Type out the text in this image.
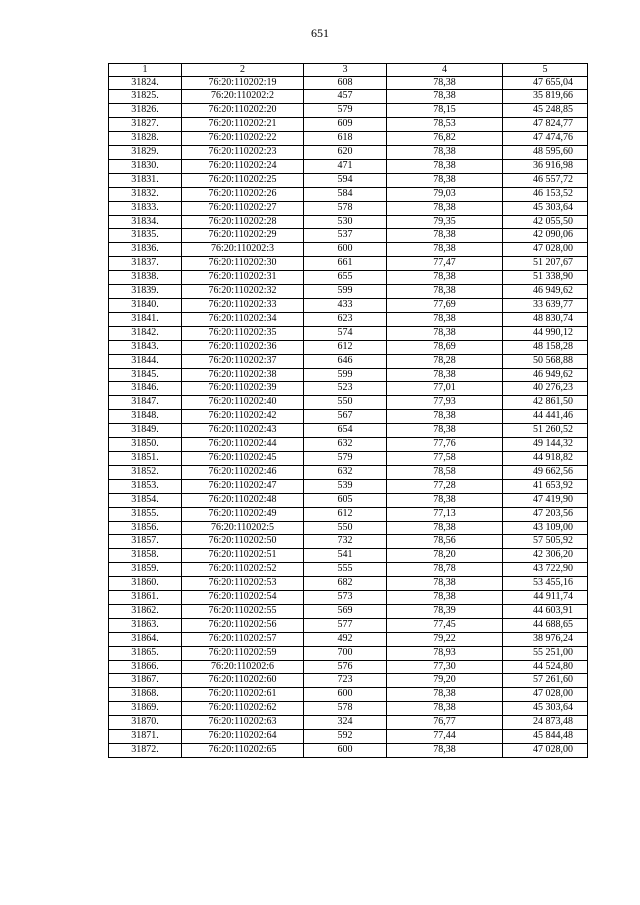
651
1	2	3	4	5
31824.	76:20:110202:19	608	78,38	47 655,04
31825.	76:20:110202:2	457	78,38	35 819,66
31826.	76:20:110202:20	579	78,15	45 248,85
31827.	76:20:110202:21	609	78,53	47 824,77
31828.	76:20:110202:22	618	76,82	47 474,76
31829.	76:20:110202:23	620	78,38	48 595,60
31830.	76:20:110202:24	471	78,38	36 916,98
31831.	76:20:110202:25	594	78,38	46 557,72
31832.	76:20:110202:26	584	79,03	46 153,52
31833.	76:20:110202:27	578	78,38	45 303,64
31834.	76:20:110202:28	530	79,35	42 055,50
31835.	76:20:110202:29	537	78,38	42 090,06
31836.	76:20:110202:3	600	78,38	47 028,00
31837.	76:20:110202:30	661	77,47	51 207,67
31838.	76:20:110202:31	655	78,38	51 338,90
31839.	76:20:110202:32	599	78,38	46 949,62
31840.	76:20:110202:33	433	77,69	33 639,77
31841.	76:20:110202:34	623	78,38	48 830,74
31842.	76:20:110202:35	574	78,38	44 990,12
31843.	76:20:110202:36	612	78,69	48 158,28
31844.	76:20:110202:37	646	78,28	50 568,88
31845.	76:20:110202:38	599	78,38	46 949,62
31846.	76:20:110202:39	523	77,01	40 276,23
31847.	76:20:110202:40	550	77,93	42 861,50
31848.	76:20:110202:42	567	78,38	44 441,46
31849.	76:20:110202:43	654	78,38	51 260,52
31850.	76:20:110202:44	632	77,76	49 144,32
31851.	76:20:110202:45	579	77,58	44 918,82
31852.	76:20:110202:46	632	78,58	49 662,56
31853.	76:20:110202:47	539	77,28	41 653,92
31854.	76:20:110202:48	605	78,38	47 419,90
31855.	76:20:110202:49	612	77,13	47 203,56
31856.	76:20:110202:5	550	78,38	43 109,00
31857.	76:20:110202:50	732	78,56	57 505,92
31858.	76:20:110202:51	541	78,20	42 306,20
31859.	76:20:110202:52	555	78,78	43 722,90
31860.	76:20:110202:53	682	78,38	53 455,16
31861.	76:20:110202:54	573	78,38	44 911,74
31862.	76:20:110202:55	569	78,39	44 603,91
31863.	76:20:110202:56	577	77,45	44 688,65
31864.	76:20:110202:57	492	79,22	38 976,24
31865.	76:20:110202:59	700	78,93	55 251,00
31866.	76:20:110202:6	576	77,30	44 524,80
31867.	76:20:110202:60	723	79,20	57 261,60
31868.	76:20:110202:61	600	78,38	47 028,00
31869.	76:20:110202:62	578	78,38	45 303,64
31870.	76:20:110202:63	324	76,77	24 873,48
31871.	76:20:110202:64	592	77,44	45 844,48
31872.	76:20:110202:65	600	78,38	47 028,00
